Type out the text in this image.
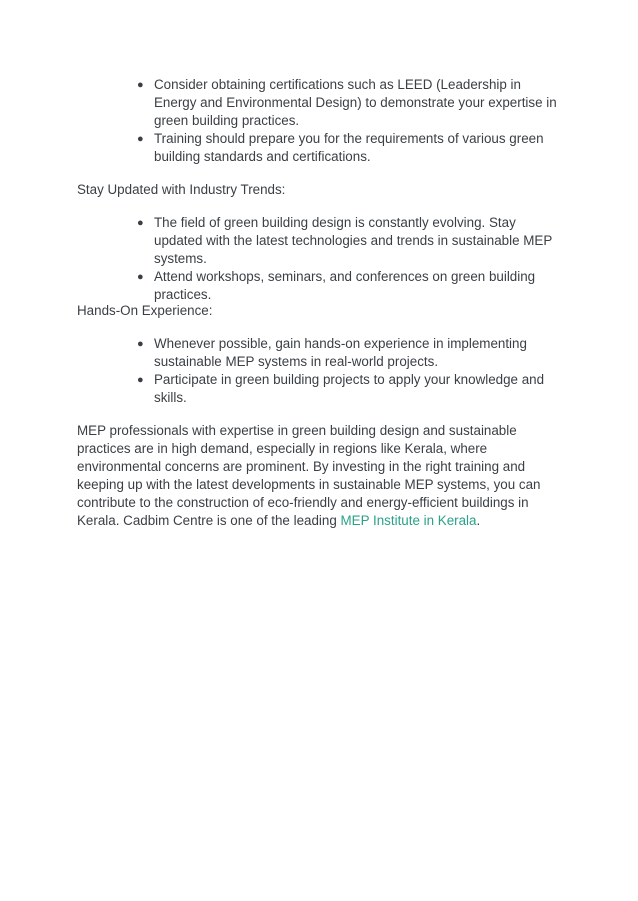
● Consider obtaining certifications such as LEED (Leadership in Energy and Environmental Design) to demonstrate your expertise in green building practices.
● Training should prepare you for the requirements of various green building standards and certifications.

Stay Updated with Industry Trends:

● The field of green building design is constantly evolving. Stay updated with the latest technologies and trends in sustainable MEP systems.
● Attend workshops, seminars, and conferences on green building practices.

Hands-On Experience:

● Whenever possible, gain hands-on experience in implementing sustainable MEP systems in real-world projects.
● Participate in green building projects to apply your knowledge and skills.

MEP professionals with expertise in green building design and sustainable practices are in high demand, especially in regions like Kerala, where environmental concerns are prominent. By investing in the right training and keeping up with the latest developments in sustainable MEP systems, you can contribute to the construction of eco-friendly and energy-efficient buildings in Kerala. Cadbim Centre is one of the leading MEP Institute in Kerala.
